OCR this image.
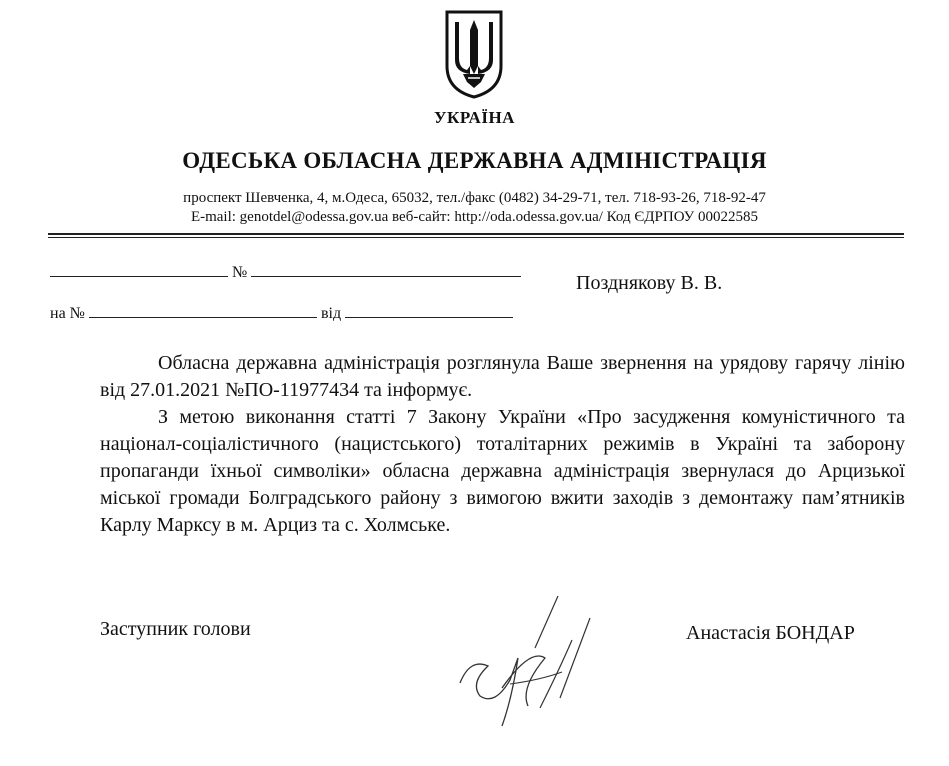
УКРАЇНА
ОДЕСЬКА ОБЛАСНА ДЕРЖАВНА АДМІНІСТРАЦІЯ
проспект Шевченка, 4, м.Одеса, 65032, тел./факс (0482) 34-29-71, тел. 718-93-26, 718-92-47
E-mail: genotdel@odessa.gov.ua веб-сайт: http://oda.odessa.gov.ua/ Код ЄДРПОУ 00022585
№
на №	від
Позднякову В. В.

Обласна державна адміністрація розглянула Ваше звернення на урядову гарячу лінію від 27.01.2021 №ПО-11977434 та інформує.

З метою виконання статті 7 Закону України «Про засудження комуністичного та націонал-соціалістичного (нацистського) тоталітарних режимів в Україні та заборону пропаганди їхньої символіки» обласна державна адміністрація звернулася до Арцизької міської громади Болградського району з вимогою вжити заходів з демонтажу пам’ятників Карлу Марксу в м. Арциз та с. Холмське.

Заступник голови	Анастасія БОНДАР
